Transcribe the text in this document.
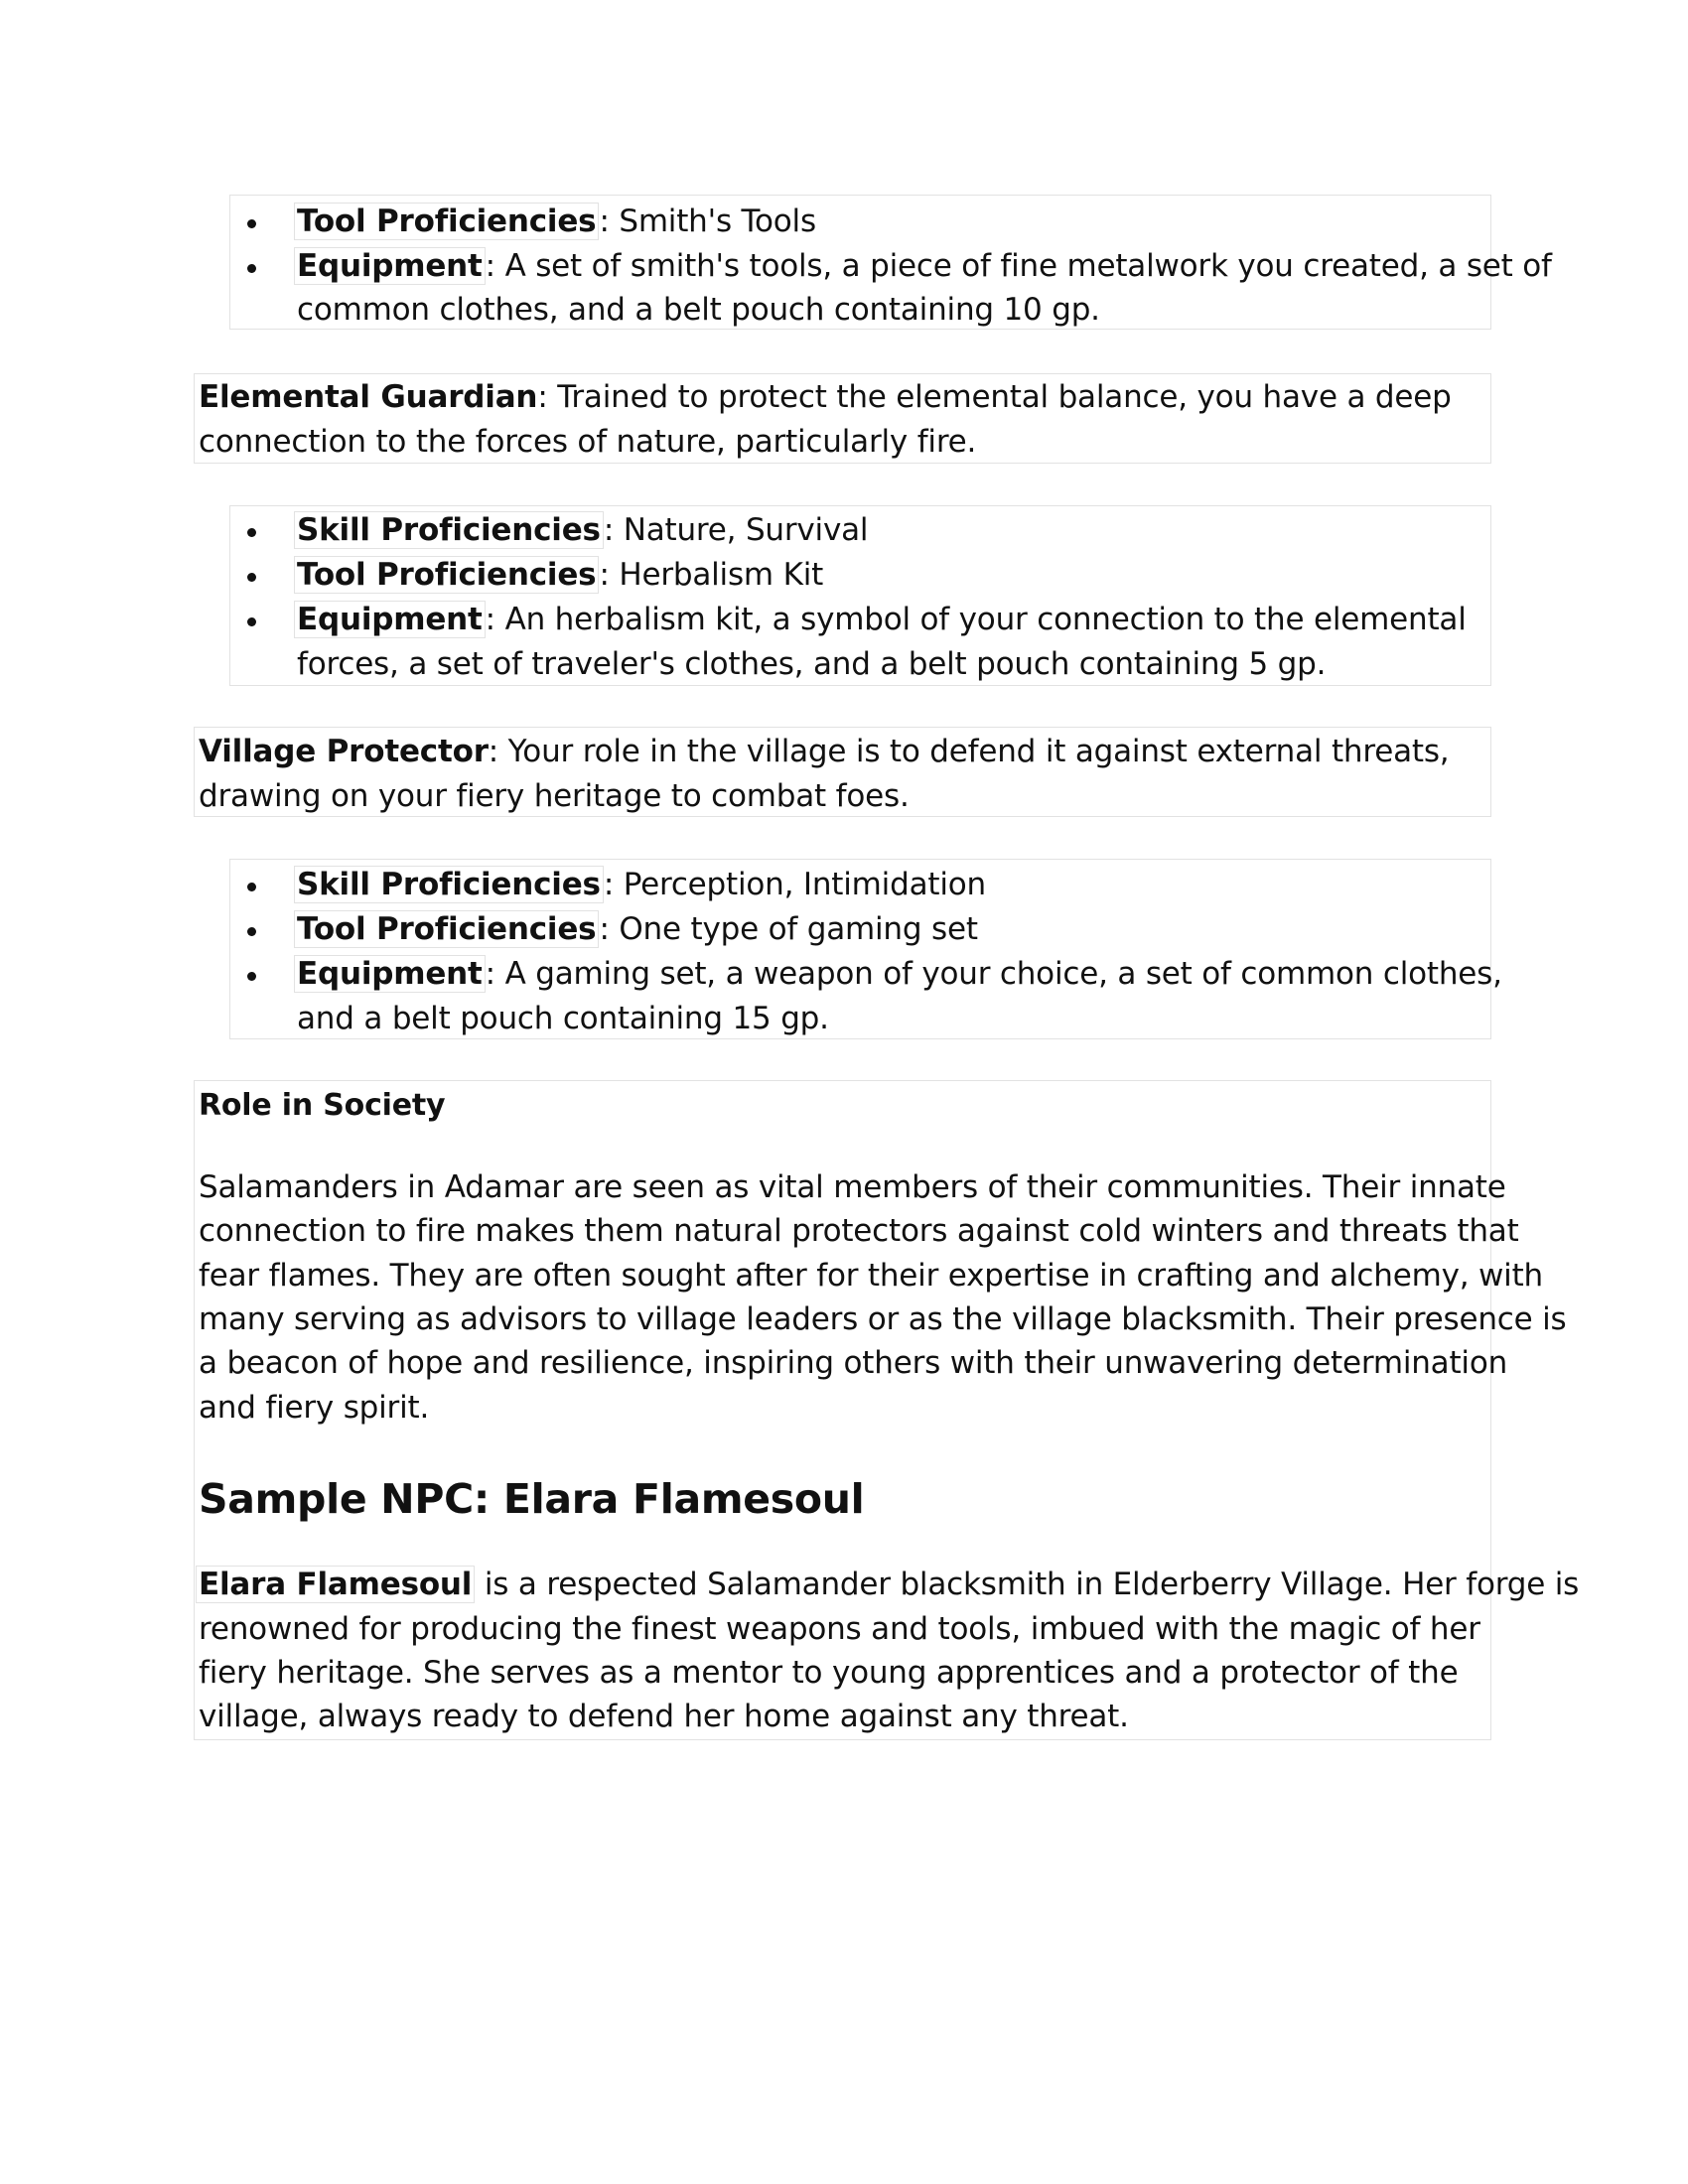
Tool Proficiencies: Smith's Tools
Equipment: A set of smith's tools, a piece of fine metalwork you created, a set of
common clothes, and a belt pouch containing 10 gp.
Elemental Guardian: Trained to protect the elemental balance, you have a deep
connection to the forces of nature, particularly fire.
Skill Proficiencies: Nature, Survival
Tool Proficiencies: Herbalism Kit
Equipment: An herbalism kit, a symbol of your connection to the elemental
forces, a set of traveler's clothes, and a belt pouch containing 5 gp.
Village Protector: Your role in the village is to defend it against external threats,
drawing on your fiery heritage to combat foes.
Skill Proficiencies: Perception, Intimidation
Tool Proficiencies: One type of gaming set
Equipment: A gaming set, a weapon of your choice, a set of common clothes,
and a belt pouch containing 15 gp.
Role in Society
Salamanders in Adamar are seen as vital members of their communities. Their innate
connection to fire makes them natural protectors against cold winters and threats that
fear flames. They are often sought after for their expertise in crafting and alchemy, with
many serving as advisors to village leaders or as the village blacksmith. Their presence is
a beacon of hope and resilience, inspiring others with their unwavering determination
and fiery spirit.
Sample NPC: Elara Flamesoul
Elara Flamesoul is a respected Salamander blacksmith in Elderberry Village. Her forge is
renowned for producing the finest weapons and tools, imbued with the magic of her
fiery heritage. She serves as a mentor to young apprentices and a protector of the
village, always ready to defend her home against any threat.
